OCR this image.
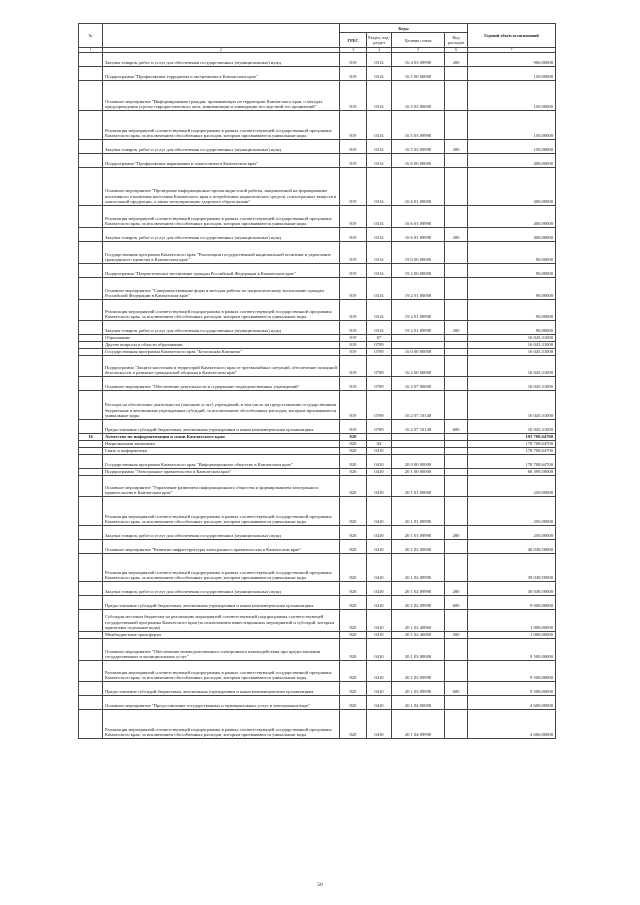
№		Коды				Годовой объем ассигнований
		ГРБС	Раздел, под-раздел	Целевая статья	Вид расходов	
1	2	3	4	5	6	7
	Закупка товаров, работ и услуг для обеспечения государственных (муниципальных) нужд	819	0314	16 4 03 09990	200	900,00000
	Подпрограмма "Профилактика терроризма и экстремизма в Камчатском крае"	819	0314	16 5 00 00000		150,00000
	Основное мероприятие "Информирование граждан, проживающих на территории Камчатского края, о методах предупреждения угрозы террористического акта, минимизации и ликвидации последствий его проявлений"	819	0314	16 5 03 00000		150,00000
	Реализация мероприятий соответствующей подпрограммы в рамках соответствующей государственной программы Камчатского края, за исключением обособленных расходов, которым присваиваются уникальные коды	819	0314	16 5 03 09990		150,00000
	Закупка товаров, работ и услуг для обеспечения государственных (муниципальных) нужд	819	0314	16 5 03 09990	200	150,00000
	Подпрограмма "Профилактика наркомании и алкоголизма в Камчатском крае"	819	0314	16 6 00 00000		400,00000
	Основное мероприятие "Проведение информационно-пропагандистской работы, направленной на формирование негативного отношения населения Камчатского края к потреблению наркотических средств, психотропных веществ и алкогольной продукции, а также популяризацию здорового образа жизни"	819	0314	16 6 01 00000		400,00000
	Реализация мероприятий соответствующей подпрограммы в рамках соответствующей государственной программы Камчатского края, за исключением обособленных расходов, которым присваиваются уникальные коды	819	0314	16 6 01 09990		400,00000
	Закупка товаров, работ и услуг для обеспечения государственных (муниципальных) нужд	819	0314	16 6 01 09990	200	400,00000
	Государственная программа Камчатского края "Реализация государственной национальной политики и укрепление гражданского единства в Камчатском крае"	819	0314	19 0 00 00000		90,00000
	Подпрограмма "Патриотическое воспитание граждан Российской Федерации в Камчатском крае"	819	0314	19 2 00 00000		90,00000
	Основное мероприятие "Совершенствование форм и методов работы по патриотическому воспитанию граждан Российской Федерации в Камчатском крае"	819	0314	19 2 01 00000		90,00000
	Реализация мероприятий соответствующей подпрограммы в рамках соответствующей государственной программы Камчатского края, за исключением обособленных расходов, которым присваиваются уникальные коды	819	0314	19 2 01 09990		90,00000
	Закупка товаров, работ и услуг для обеспечения государственных (муниципальных) нужд	819	0314	19 2 01 09990	200	90,00000
	Образование	819	07			16 045,31000
	Другие вопросы в области образования	819	0709			16 045,31000
	Государственная программа Камчатского края "Безопасная Камчатка"	819	0709	16 0 00 00000		16 045,31000
	Подпрограмма "Защита населения и территорий Камчатского края от чрезвычайных ситуаций, обеспечение пожарной безопасности и развитие гражданской обороны в Камчатском крае"	819	0709	16 2 00 00000		16 045,31000
	Основное мероприятие "Обеспечение деятельности и содержание подведомственных учреждений"	819	0709	16 2 07 00000		16 045,31000
	Расходы на обеспечение деятельности (оказание услуг) учреждений, в том числе на предоставление государственным бюджетным и автономным учреждениям субсидий, за исключением обособленных расходов, которым присваиваются уникальные коды	819	0709	16 2 07 10140		16 045,31000
	Предоставление субсидий бюджетным, автономным учреждениям и иным некоммерческим организациям	819	0709	16 2 07 10140	600	16 045,31000
16	Агентство по информатизации и связи Камчатского края	820				193 708,64700
	Национальная экономика	820	04			178 708,64700
	Связь и информатика	820	0410			178 708,64700
	Государственная программа Камчатского края "Информационное общество в Камчатском крае"	820	0410	20 0 00 00000		178 708,64700
	Подпрограмма "Электронное правительство в Камчатском крае"	820	0410	20 1 00 00000		60 399,50000
	Основное мероприятие "Управление развитием информационного общества и формированием электронного правительства в Камчатском крае"	820	0410	20 1 01 00000		250,00000
	Реализация мероприятий соответствующей подпрограммы в рамках соответствующей государственной программы Камчатского края, за исключением обособленных расходов, которым присваиваются уникальные коды	820	0410	20 1 01 09990		250,00000
	Закупка товаров, работ и услуг для обеспечения государственных (муниципальных) нужд	820	0410	20 1 01 09990	200	250,00000
	Основное мероприятие "Развитие инфраструктуры электронного правительства в Камчатском крае"	820	0410	20 1 02 00000		40 049,50000
	Реализация мероприятий соответствующей подпрограммы в рамках соответствующей государственной программы Камчатского края, за исключением обособленных расходов, которым присваиваются уникальные коды	820	0410	20 1 02 09990		39 049,50000
	Закупка товаров, работ и услуг для обеспечения государственных (муниципальных) нужд	820	0410	20 1 02 09990	200	30 049,50000
	Предоставление субсидий бюджетным, автономным учреждениям и иным некоммерческим организациям	820	0410	20 1 02 09990	600	9 000,00000
	Субсидии местным бюджетам на реализацию мероприятий соответствующей подпрограммы соответствующей государственной программы Камчатского края (за исключением инвестиционных мероприятий и субсидий, которым присвоены отдельные коды)	820	0410	20 1 02 40060		1 000,00000
	Межбюджетные трансферты	820	0410	20 1 02 40060	500	1 000,00000
	Основное мероприятие "Обеспечение межведомственного электронного взаимодействия при предоставлении государственных и муниципальных услуг"	820	0410	20 1 03 00000		9 500,00000
	Реализация мероприятий соответствующей подпрограммы в рамках соответствующей государственной программы Камчатского края, за исключением обособленных расходов, которым присваиваются уникальные коды	820	0410	20 1 03 09990		9 500,00000
	Предоставление субсидий бюджетным, автономным учреждениям и иным некоммерческим организациям	820	0410	20 1 03 09990	600	9 500,00000
	Основное мероприятие "Предоставление государственных и муниципальных услуг в электронном виде"	820	0410	20 1 04 00000		4 600,00000
	Реализация мероприятий соответствующей подпрограммы в рамках соответствующей государственной программы Камчатского края, за исключением обособленных расходов, которым присваиваются уникальные коды	820	0410	20 1 04 09990		4 600,00000
50
